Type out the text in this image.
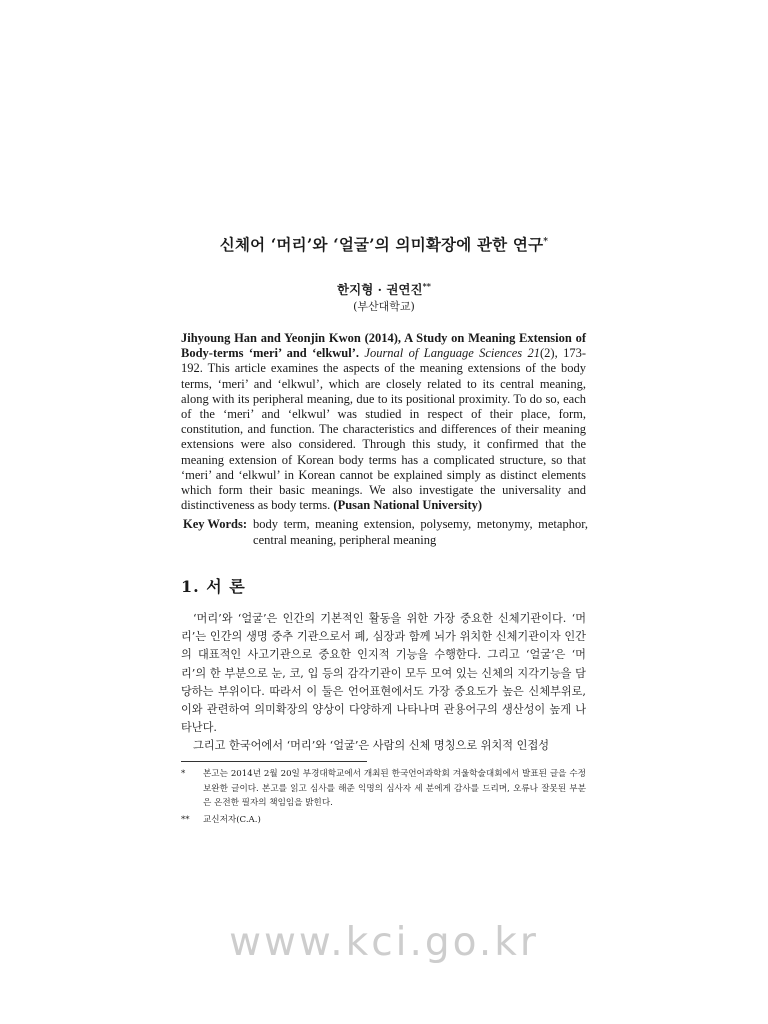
신체어 ‘머리’와 ‘얼굴’의 의미확장에 관한 연구*
한지형 · 권연진**
(부산대학교)
Jihyoung Han and Yeonjin Kwon (2014), A Study on Meaning Extension of Body-terms ‘meri’ and ‘elkwul’. Journal of Language Sciences 21(2), 173-192. This article examines the aspects of the meaning extensions of the body terms, ‘meri’ and ‘elkwul’, which are closely related to its central meaning, along with its peripheral meaning, due to its positional proximity. To do so, each of the ‘meri’ and ‘elkwul’ was studied in respect of their place, form, constitution, and function. The characteristics and differences of their meaning extensions were also considered. Through this study, it confirmed that the meaning extension of Korean body terms has a complicated structure, so that ‘meri’ and ‘elkwul’ in Korean cannot be explained simply as distinct elements which form their basic meanings. We also investigate the universality and distinctiveness as body terms. (Pusan National University)
Key Words: body term, meaning extension, polysemy, metonymy, metaphor, central meaning, peripheral meaning
1. 서 론

‘머리’와 ‘얼굴’은 인간의 기본적인 활동을 위한 가장 중요한 신체기관이다. ‘머리’는 인간의 생명 중추 기관으로서 폐, 심장과 함께 뇌가 위치한 신체기관이자 인간의 대표적인 사고기관으로 중요한 인지적 기능을 수행한다. 그리고 ‘얼굴’은 ‘머리’의 한 부분으로 눈, 코, 입 등의 감각기관이 모두 모여 있는 신체의 지각기능을 담당하는 부위이다. 따라서 이 둘은 언어표현에서도 가장 중요도가 높은 신체부위로, 이와 관련하여 의미확장의 양상이 다양하게 나타나며 관용어구의 생산성이 높게 나타난다.

그리고 한국어에서 ‘머리’와 ‘얼굴’은 사람의 신체 명칭으로 위치적 인접성

*	본고는 2014년 2월 20일 부경대학교에서 개최된 한국언어과학회 겨울학술대회에서 발표된 글을 수정 보완한 글이다. 본고를 읽고 심사를 해준 익명의 심사자 세 분에게 감사를 드리며, 오류나 잘못된 부분은 온전한 필자의 책임임을 밝힌다.
**	교신저자(C.A.)
www.kci.go.kr
